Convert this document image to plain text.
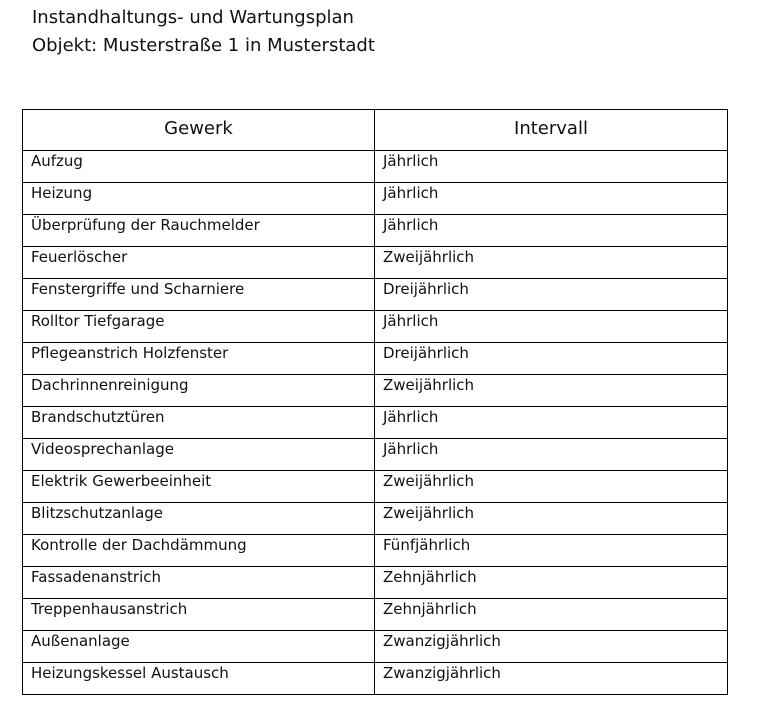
Instandhaltungs- und Wartungsplan
Objekt: Musterstraße 1 in Musterstadt
Gewerk	Intervall
Aufzug	Jährlich
Heizung	Jährlich
Überprüfung der Rauchmelder	Jährlich
Feuerlöscher	Zweijährlich
Fenstergriffe und Scharniere	Dreijährlich
Rolltor Tiefgarage	Jährlich
Pflegeanstrich Holzfenster	Dreijährlich
Dachrinnenreinigung	Zweijährlich
Brandschutztüren	Jährlich
Videosprechanlage	Jährlich
Elektrik Gewerbeeinheit	Zweijährlich
Blitzschutzanlage	Zweijährlich
Kontrolle der Dachdämmung	Fünfjährlich
Fassadenanstrich	Zehnjährlich
Treppenhausanstrich	Zehnjährlich
Außenanlage	Zwanzigjährlich
Heizungskessel Austausch	Zwanzigjährlich
